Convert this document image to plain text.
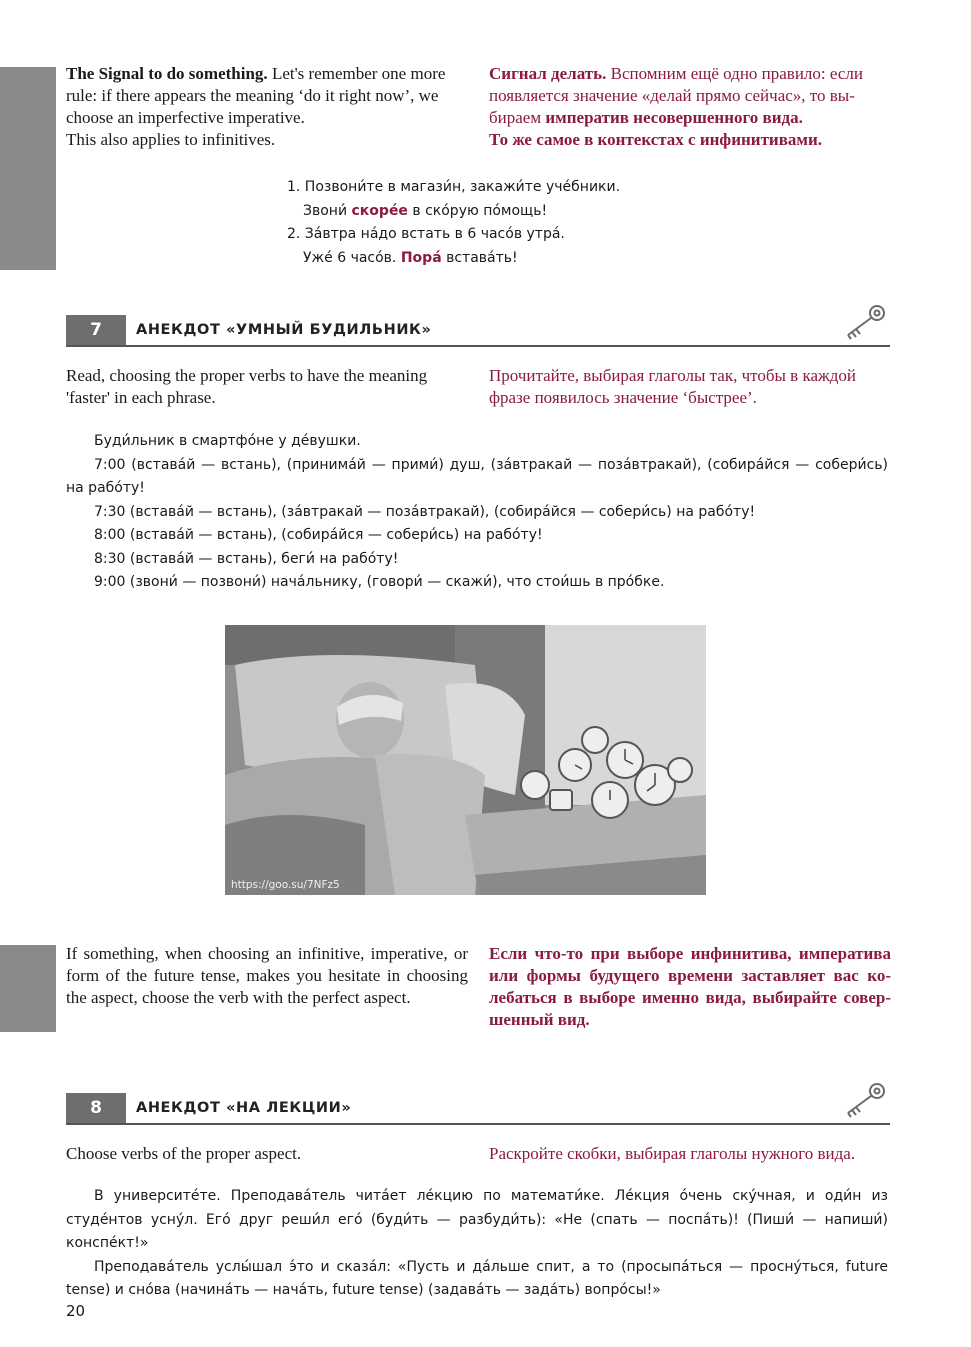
The Signal to do something. Let's remember one more rule: if there appears the meaning ‘do it right now’, we choose an imperfective imperative.
This also applies to infinitives.
Сигнал делать. Вспомним ещё одно правило: если появляется значение «делай прямо сейчас», то выбираем императив несовершенного вида.
То же самое в контекстах с инфинитивами.
1. Позвони́те в магази́н, закажи́те учéбники.
Звони́ скорée в скóрую пóмощь!
2. Зáвтра нáдо встать в 6 часóв утрá.
Уже́ 6 часóв. Порá вставáть!
7	АНЕКДОТ «УМНЫЙ БУДИЛЬНИК»
Read, choosing the proper verbs to have the meaning 'faster' in each phrase.
Прочитайте, выбирая глаголы так, чтобы в каждой фразе появилось значение ‘быстрее’.

Буди́льник в смартфóне у дéвушки.

7:00 (вставáй — встань), (принимáй — прими́) душ, (зáвтракай — позáвтракай), (собирáйся — собери́сь) на рабóту!

7:30 (вставáй — встань), (зáвтракай — позáвтракай), (собирáйся — собери́сь) на рабóту!

8:00 (вставáй — встань), (собирáйся — собери́сь) на рабóту!

8:30 (вставáй — встань), беги́ на рабóту!

9:00 (звони́ — позвони́) начáльнику, (говори́ — скажи́), что стои́шь в прóбке.

https://goo.su/7NFz5
If something, when choosing an infinitive, imperative, or form of the future tense, makes you hesitate in choosing the aspect, choose the verb with the perfect aspect.
Если что-то при выборе инфинитива, императива или формы будущего времени заставляет вас колебаться в выборе именно вида, выбирайте совершенный вид.
8	АНЕКДОТ «НА ЛЕКЦИИ»
Choose verbs of the proper aspect.	Раскройте скобки, выбирая глаголы нужного вида.

В университéте. Преподавáтель читáет лéкцию по математи́ке. Лéкция óчень скýчная, и оди́н из студéнтов уснýл. Егó друг реши́л егó (буди́ть — разбуди́ть): «Не (спать — поспáть)! (Пиши́ — напиши́) конспéкт!»

Преподавáтель услы́шал э́то и сказáл: «Пусть и дáльше спит, а то (просыпáться — проснýться, future tense) и снóва (начинáть — начáть, future tense) (задавáть — задáть) вопрóсы!»

20
